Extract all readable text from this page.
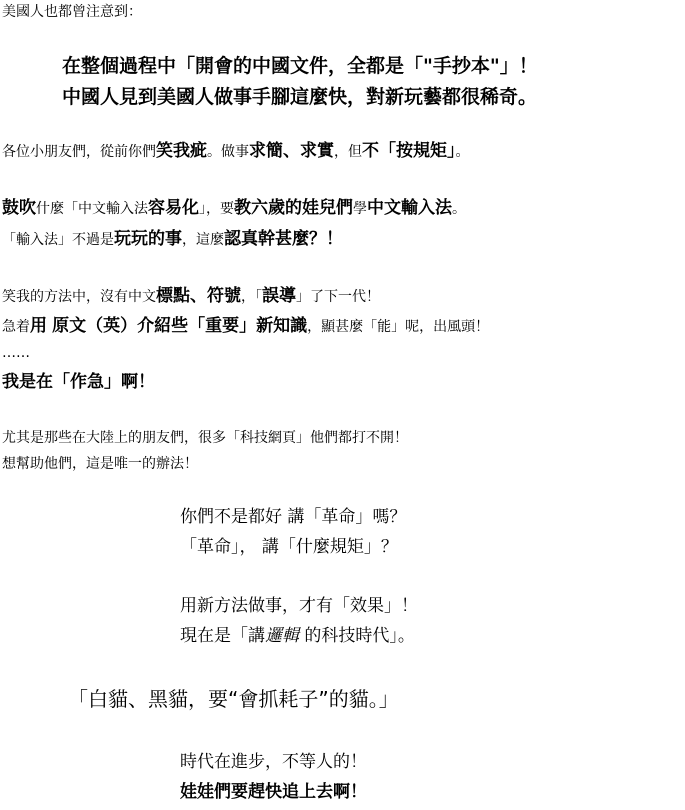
美國人也都曾注意到：
在整個過程中「開會的中國文件，全都是「"手抄本"」！
中國人見到美國人做事手腳這麼快，對新玩藝都很稀奇。
各位小朋友們，從前你們笑我疵。做事求簡、求實，但不「按規矩」。
鼓吹什麼「中文輸入法容易化」，要教六歲的娃兒們學中文輸入法。
「輸入法」不過是玩玩的事，這麼認真幹甚麼？！
笑我的方法中，沒有中文標點、符號，「誤導」了下一代！
急着用 原文（英）介紹些「重要」新知識，顯甚麼「能」呢，出風頭！
……
我是在「作急」啊！
尤其是那些在大陸上的朋友們，很多「科技網頁」他們都打不開！
想幫助他們，這是唯一的辦法！
你們不是都好 講「革命」嗎？
「革命」， 講「什麼規矩」？
用新方法做事，才有「效果」！
現在是「講邏輯 的科技時代」。
「白貓、黑貓，要“會抓耗子”的貓。」
時代在進步，不等人的！
娃娃們要趕快追上去啊！
